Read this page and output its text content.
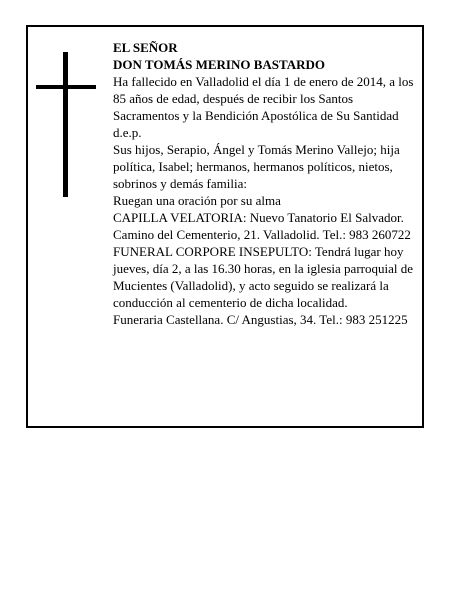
EL SEÑOR

DON TOMÁS MERINO BASTARDO

Ha fallecido en Valladolid el día 1 de enero de 2014, a los 85 años de edad, después de recibir los Santos Sacramentos y la Bendición Apostólica de Su Santidad d.e.p.

Sus hijos, Serapio, Ángel y Tomás Merino Vallejo; hija política, Isabel; hermanos, hermanos políticos, nietos, sobrinos y demás familia:

Ruegan una oración por su alma

CAPILLA VELATORIA: Nuevo Tanatorio El Salvador. Camino del Cementerio, 21. Valladolid. Tel.: 983 260722

FUNERAL CORPORE INSEPULTO: Tendrá lugar hoy jueves, día 2, a las 16.30 horas, en la iglesia parroquial de Mucientes (Valladolid), y acto seguido se realizará la conducción al cementerio de dicha localidad.

Funeraria Castellana. C/ Angustias, 34. Tel.: 983 251225
